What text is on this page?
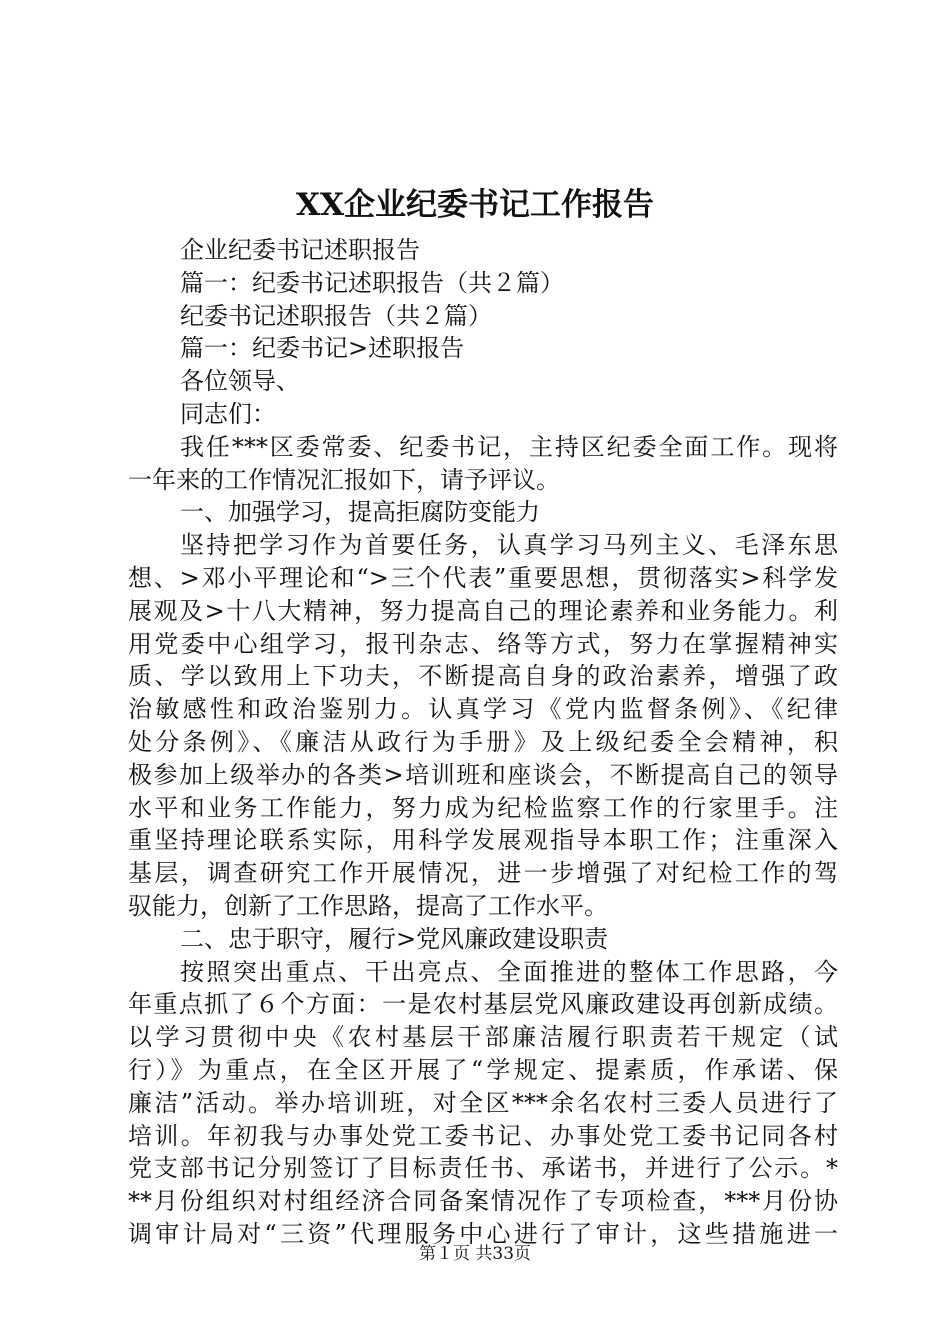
XX企业纪委书记工作报告
企业纪委书记述职报告
篇一：纪委书记述职报告（共２篇）
纪委书记述职报告（共２篇）
篇一：纪委书记>述职报告
各位领导、
同志们：
我任***区委常委、纪委书记，主持区纪委全面工作。现将
一年来的工作情况汇报如下，请予评议。
一、加强学习，提高拒腐防变能力
坚持把学习作为首要任务，认真学习马列主义、毛泽东思
想、>邓小平理论和“>三个代表”重要思想，贯彻落实>科学发
展观及>十八大精神，努力提高自己的理论素养和业务能力。利
用党委中心组学习，报刊杂志、络等方式，努力在掌握精神实
质、学以致用上下功夫，不断提高自身的政治素养，增强了政
治敏感性和政治鉴别力。认真学习《党内监督条例》、《纪律
处分条例》、《廉洁从政行为手册》及上级纪委全会精神，积
极参加上级举办的各类>培训班和座谈会，不断提高自己的领导
水平和业务工作能力，努力成为纪检监察工作的行家里手。注
重坚持理论联系实际，用科学发展观指导本职工作；注重深入
基层，调查研究工作开展情况，进一步增强了对纪检工作的驾
驭能力，创新了工作思路，提高了工作水平。
二、忠于职守，履行>党风廉政建设职责
按照突出重点、干出亮点、全面推进的整体工作思路，今
年重点抓了６个方面：一是农村基层党风廉政建设再创新成绩。
以学习贯彻中央《农村基层干部廉洁履行职责若干规定（试
行）》为重点，在全区开展了“学规定、提素质，作承诺、保
廉洁”活动。举办培训班，对全区***余名农村三委人员进行了
培训。年初我与办事处党工委书记、办事处党工委书记同各村
党支部书记分别签订了目标责任书、承诺书，并进行了公示。*
**月份组织对村组经济合同备案情况作了专项检查，***月份协
调审计局对“三资”代理服务中心进行了审计，这些措施进一
第１页 共33页
